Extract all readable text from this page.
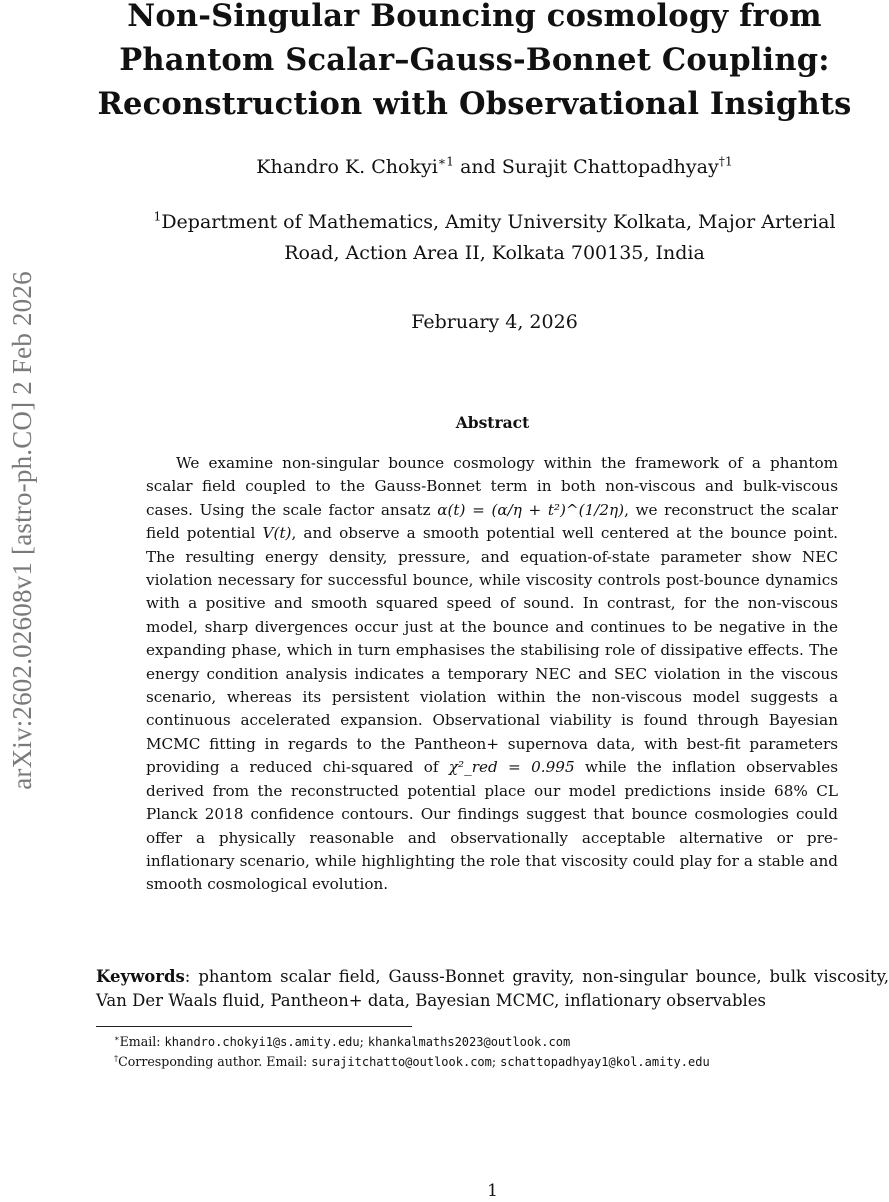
arXiv:2602.02608v1 [astro-ph.CO] 2 Feb 2026
Non-Singular Bouncing cosmology from
Phantom Scalar–Gauss-Bonnet Coupling:
Reconstruction with Observational Insights
Khandro K. Chokyi$^{∗1}$ and Surajit Chattopadhyay$^{\dagger 1}$
$^1$Department of Mathematics, Amity University Kolkata, Major Arterial
Road, Action Area II, Kolkata 700135, India
February 4, 2026
Abstract

We examine non-singular bounce cosmology within the framework of a phantom scalar field coupled to the Gauss-Bonnet term in both non-viscous and bulk-viscous cases. Using the scale factor ansatz α(t) = (α/η + t²)^(1/2η), we reconstruct the scalar field potential V(t), and observe a smooth potential well centered at the bounce point. The resulting energy density, pressure, and equation-of-state parameter show NEC violation necessary for successful bounce, while viscosity controls post-bounce dynamics with a positive and smooth squared speed of sound. In contrast, for the non-viscous model, sharp divergences occur just at the bounce and continues to be negative in the expanding phase, which in turn emphasises the stabilising role of dissipative effects. The energy condition analysis indicates a temporary NEC and SEC violation in the viscous scenario, whereas its persistent violation within the non-viscous model suggests a continuous accelerated expansion. Observational viability is found through Bayesian MCMC fitting in regards to the Pantheon+ supernova data, with best-fit parameters providing a reduced chi-squared of χ²_red = 0.995 while the inflation observables derived from the reconstructed potential place our model predictions inside 68% CL Planck 2018 confidence contours. Our findings suggest that bounce cosmologies could offer a physically reasonable and observationally acceptable alternative or pre-inflationary scenario, while highlighting the role that viscosity could play for a stable and smooth cosmological evolution.

Keywords: phantom scalar field, Gauss-Bonnet gravity, non-singular bounce, bulk viscosity, Van Der Waals fluid, Pantheon+ data, Bayesian MCMC, inflationary observables

∗Email: khandro.chokyi1@s.amity.edu; khankalmaths2023@outlook.com
†Corresponding author. Email: surajitchatto@outlook.com; schattopadhyay1@kol.amity.edu
1
